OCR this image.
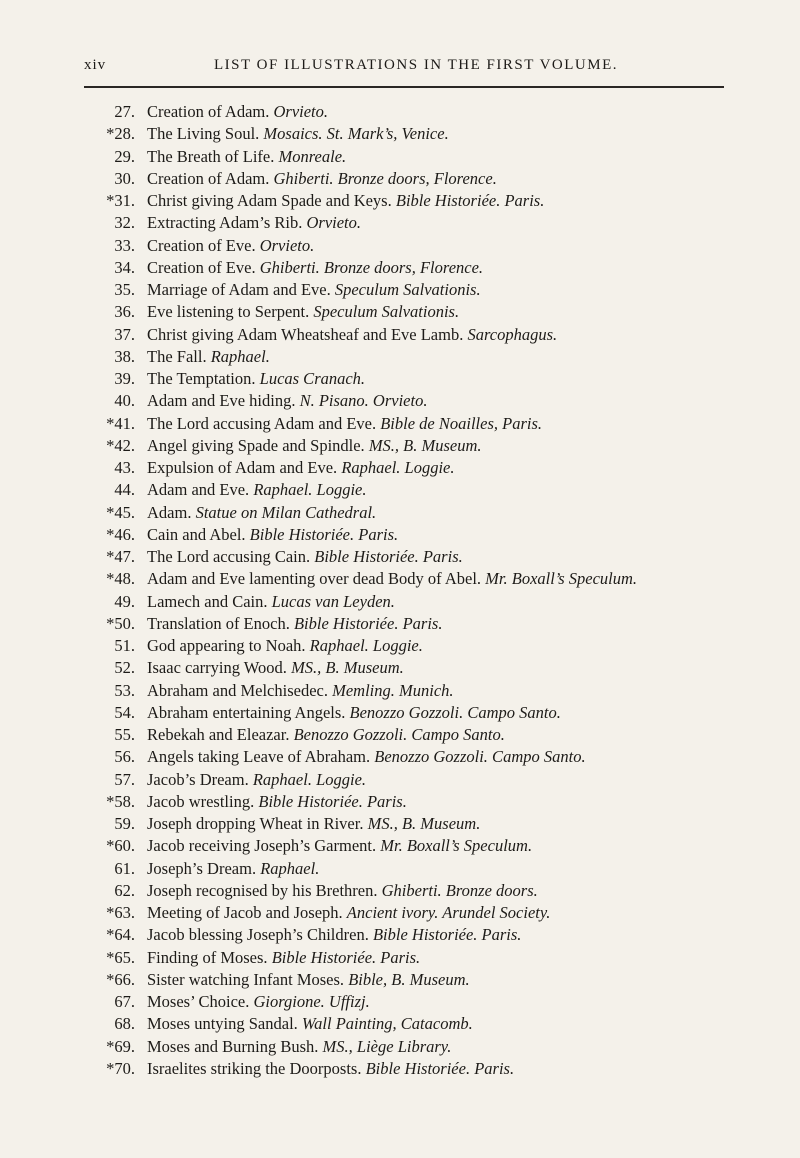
xiv	LIST OF ILLUSTRATIONS IN THE FIRST VOLUME.
27. Creation of Adam. Orvieto.
*28. The Living Soul. Mosaics. St. Mark’s, Venice.
29. The Breath of Life. Monreale.
30. Creation of Adam. Ghiberti. Bronze doors, Florence.
*31. Christ giving Adam Spade and Keys. Bible Historiée. Paris.
32. Extracting Adam’s Rib. Orvieto.
33. Creation of Eve. Orvieto.
34. Creation of Eve. Ghiberti. Bronze doors, Florence.
35. Marriage of Adam and Eve. Speculum Salvationis.
36. Eve listening to Serpent. Speculum Salvationis.
37. Christ giving Adam Wheatsheaf and Eve Lamb. Sarcophagus.
38. The Fall. Raphael.
39. The Temptation. Lucas Cranach.
40. Adam and Eve hiding. N. Pisano. Orvieto.
*41. The Lord accusing Adam and Eve. Bible de Noailles, Paris.
*42. Angel giving Spade and Spindle. MS., B. Museum.
43. Expulsion of Adam and Eve. Raphael. Loggie.
44. Adam and Eve. Raphael. Loggie.
*45. Adam. Statue on Milan Cathedral.
*46. Cain and Abel. Bible Historiée. Paris.
*47. The Lord accusing Cain. Bible Historiée. Paris.
*48. Adam and Eve lamenting over dead Body of Abel. Mr. Boxall’s Speculum.
49. Lamech and Cain. Lucas van Leyden.
*50. Translation of Enoch. Bible Historiée. Paris.
51. God appearing to Noah. Raphael. Loggie.
52. Isaac carrying Wood. MS., B. Museum.
53. Abraham and Melchisedec. Memling. Munich.
54. Abraham entertaining Angels. Benozzo Gozzoli. Campo Santo.
55. Rebekah and Eleazar. Benozzo Gozzoli. Campo Santo.
56. Angels taking Leave of Abraham. Benozzo Gozzoli. Campo Santo.
57. Jacob’s Dream. Raphael. Loggie.
*58. Jacob wrestling. Bible Historiée. Paris.
59. Joseph dropping Wheat in River. MS., B. Museum.
*60. Jacob receiving Joseph’s Garment. Mr. Boxall’s Speculum.
61. Joseph’s Dream. Raphael.
62. Joseph recognised by his Brethren. Ghiberti. Bronze doors.
*63. Meeting of Jacob and Joseph. Ancient ivory. Arundel Society.
*64. Jacob blessing Joseph’s Children. Bible Historiée. Paris.
*65. Finding of Moses. Bible Historiée. Paris.
*66. Sister watching Infant Moses. Bible, B. Museum.
67. Moses’ Choice. Giorgione. Uffizj.
68. Moses untying Sandal. Wall Painting, Catacomb.
*69. Moses and Burning Bush. MS., Liège Library.
*70. Israelites striking the Doorposts. Bible Historiée. Paris.
